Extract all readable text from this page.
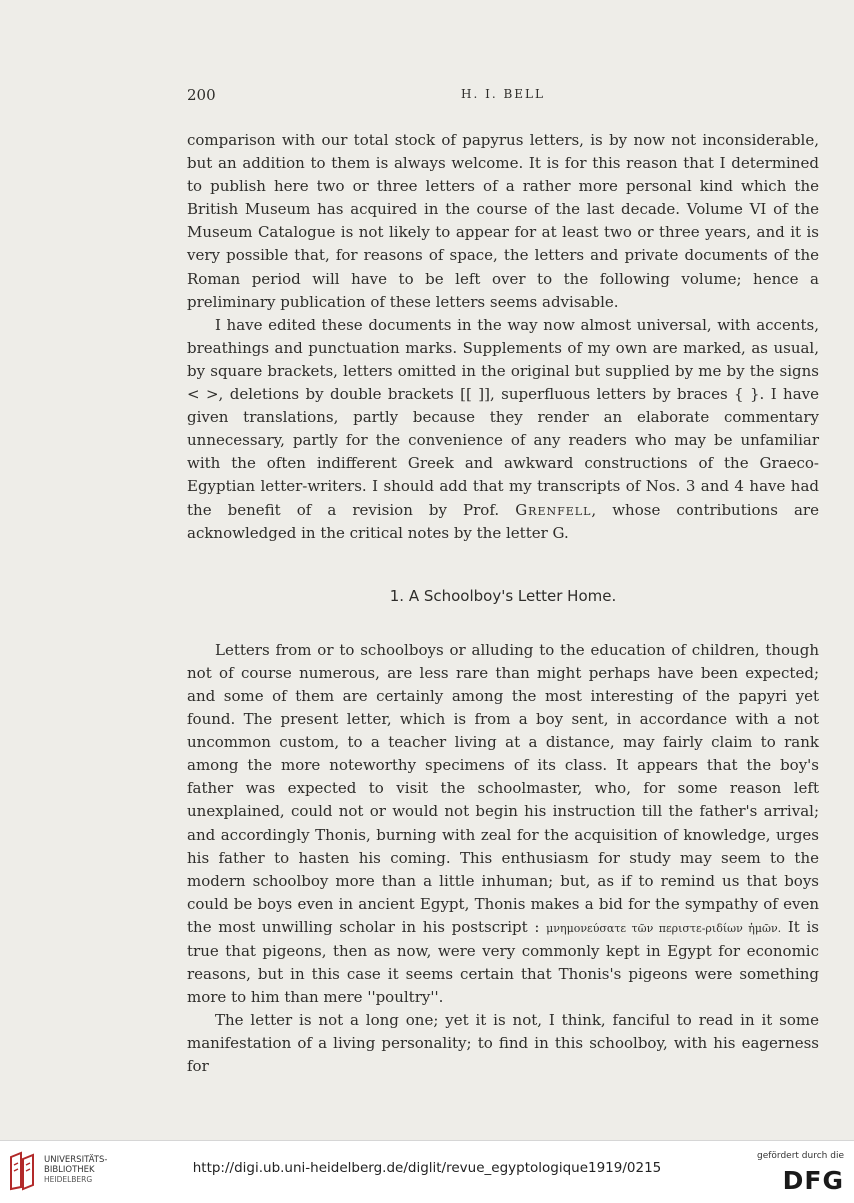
200	H. I. BELL

comparison with our total stock of papyrus letters, is by now not inconsiderable, but an addition to them is always welcome. It is for this reason that I determined to publish here two or three letters of a rather more personal kind which the British Museum has acquired in the course of the last decade. Volume VI of the Museum Catalogue is not likely to appear for at least two or three years, and it is very possible that, for reasons of space, the letters and private documents of the Roman period will have to be left over to the following volume; hence a preliminary publication of these letters seems advisable.

I have edited these documents in the way now almost universal, with accents, breathings and punctuation marks. Supplements of my own are marked, as usual, by square brackets, letters omitted in the original but supplied by me by the signs < >, deletions by double brackets [[ ]], superfluous letters by braces { }. I have given translations, partly because they render an elaborate commentary unnecessary, partly for the convenience of any readers who may be unfamiliar with the often indifferent Greek and awkward constructions of the Graeco-Egyptian letter-writers. I should add that my transcripts of Nos. 3 and 4 have had the benefit of a revision by Prof. Grenfell, whose contributions are acknowledged in the critical notes by the letter G.

1. A Schoolboy's Letter Home.

Letters from or to schoolboys or alluding to the education of children, though not of course numerous, are less rare than might perhaps have been expected; and some of them are certainly among the most interesting of the papyri yet found. The present letter, which is from a boy sent, in accordance with a not uncommon custom, to a teacher living at a distance, may fairly claim to rank among the more noteworthy specimens of its class. It appears that the boy's father was expected to visit the schoolmaster, who, for some reason left unexplained, could not or would not begin his instruction till the father's arrival; and accordingly Thonis, burning with zeal for the acquisition of knowledge, urges his father to hasten his coming. This enthusiasm for study may seem to the modern schoolboy more than a little inhuman; but, as if to remind us that boys could be boys even in ancient Egypt, Thonis makes a bid for the sympathy of even the most unwilling scholar in his postscript : μνημονεύσατε τῶν περιστε-ριδίων ἡμῶν. It is true that pigeons, then as now, were very commonly kept in Egypt for economic reasons, but in this case it seems certain that Thonis's pigeons were something more to him than mere ''poultry''.

The letter is not a long one; yet it is not, I think, fanciful to read in it some manifestation of a living personality; to find in this schoolboy, with his eagerness for

UNIVERSITÄTS-
BIBLIOTHEK
HEIDELBERG
http://digi.ub.uni-heidelberg.de/diglit/revue_egyptologique1919/0215
gefördert durch die
DFG
